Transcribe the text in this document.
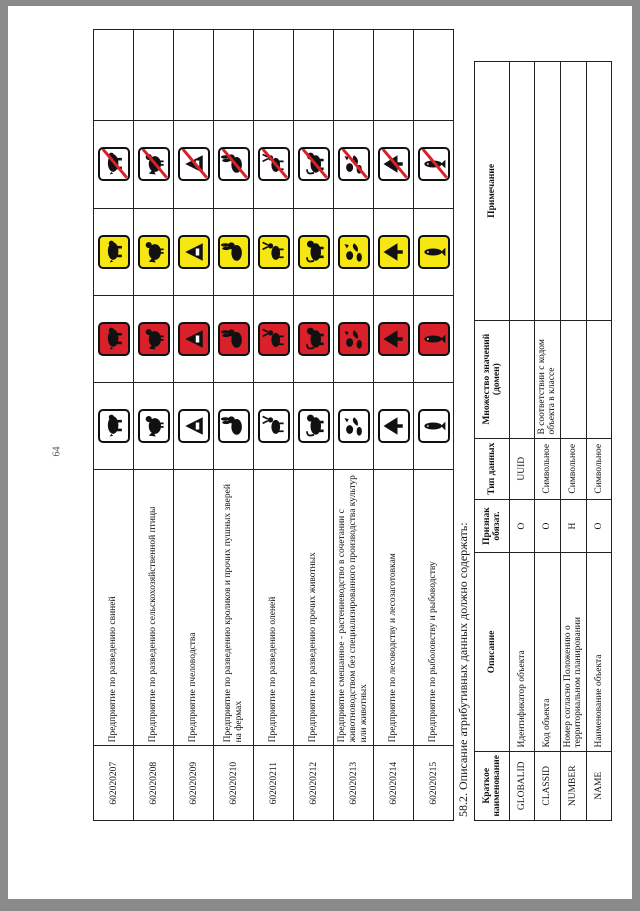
64
602020207	Предприятие по разведению свиней	

602020208	Предприятие по разведению сельскохозяйственной птицы	

602020209	Предприятие пчеловодства	

602020210	Предприятие по разведению кроликов и прочих пушных зверей на фермах	

602020211	Предприятие по разведению оленей	

602020212	Предприятие по разведению прочих животных	

602020213	Предприятие смешанное - растениеводство в сочетании с животноводством без специализированного производства культур или животных	

602020214	Предприятие по лесоводству и лесозаготовкам	

602020215	Предприятие по рыболовству и рыбоводству	

	58.2. Описание атрибутивных данных должно содержать: Краткое наименование	Описание	Признак обязат.	Тип данных	Множество значений (домен)	Примечание
GLOBALID	Идентификатор объекта	О	UUID		
CLASSID	Код объекта	О	Символьное	В соответствии с кодом объекта в классе	
NUMBER	Номер согласно Положению о территориальном планировании	Н	Символьное		
NAME	Наименование объекта	О	Символьное		
